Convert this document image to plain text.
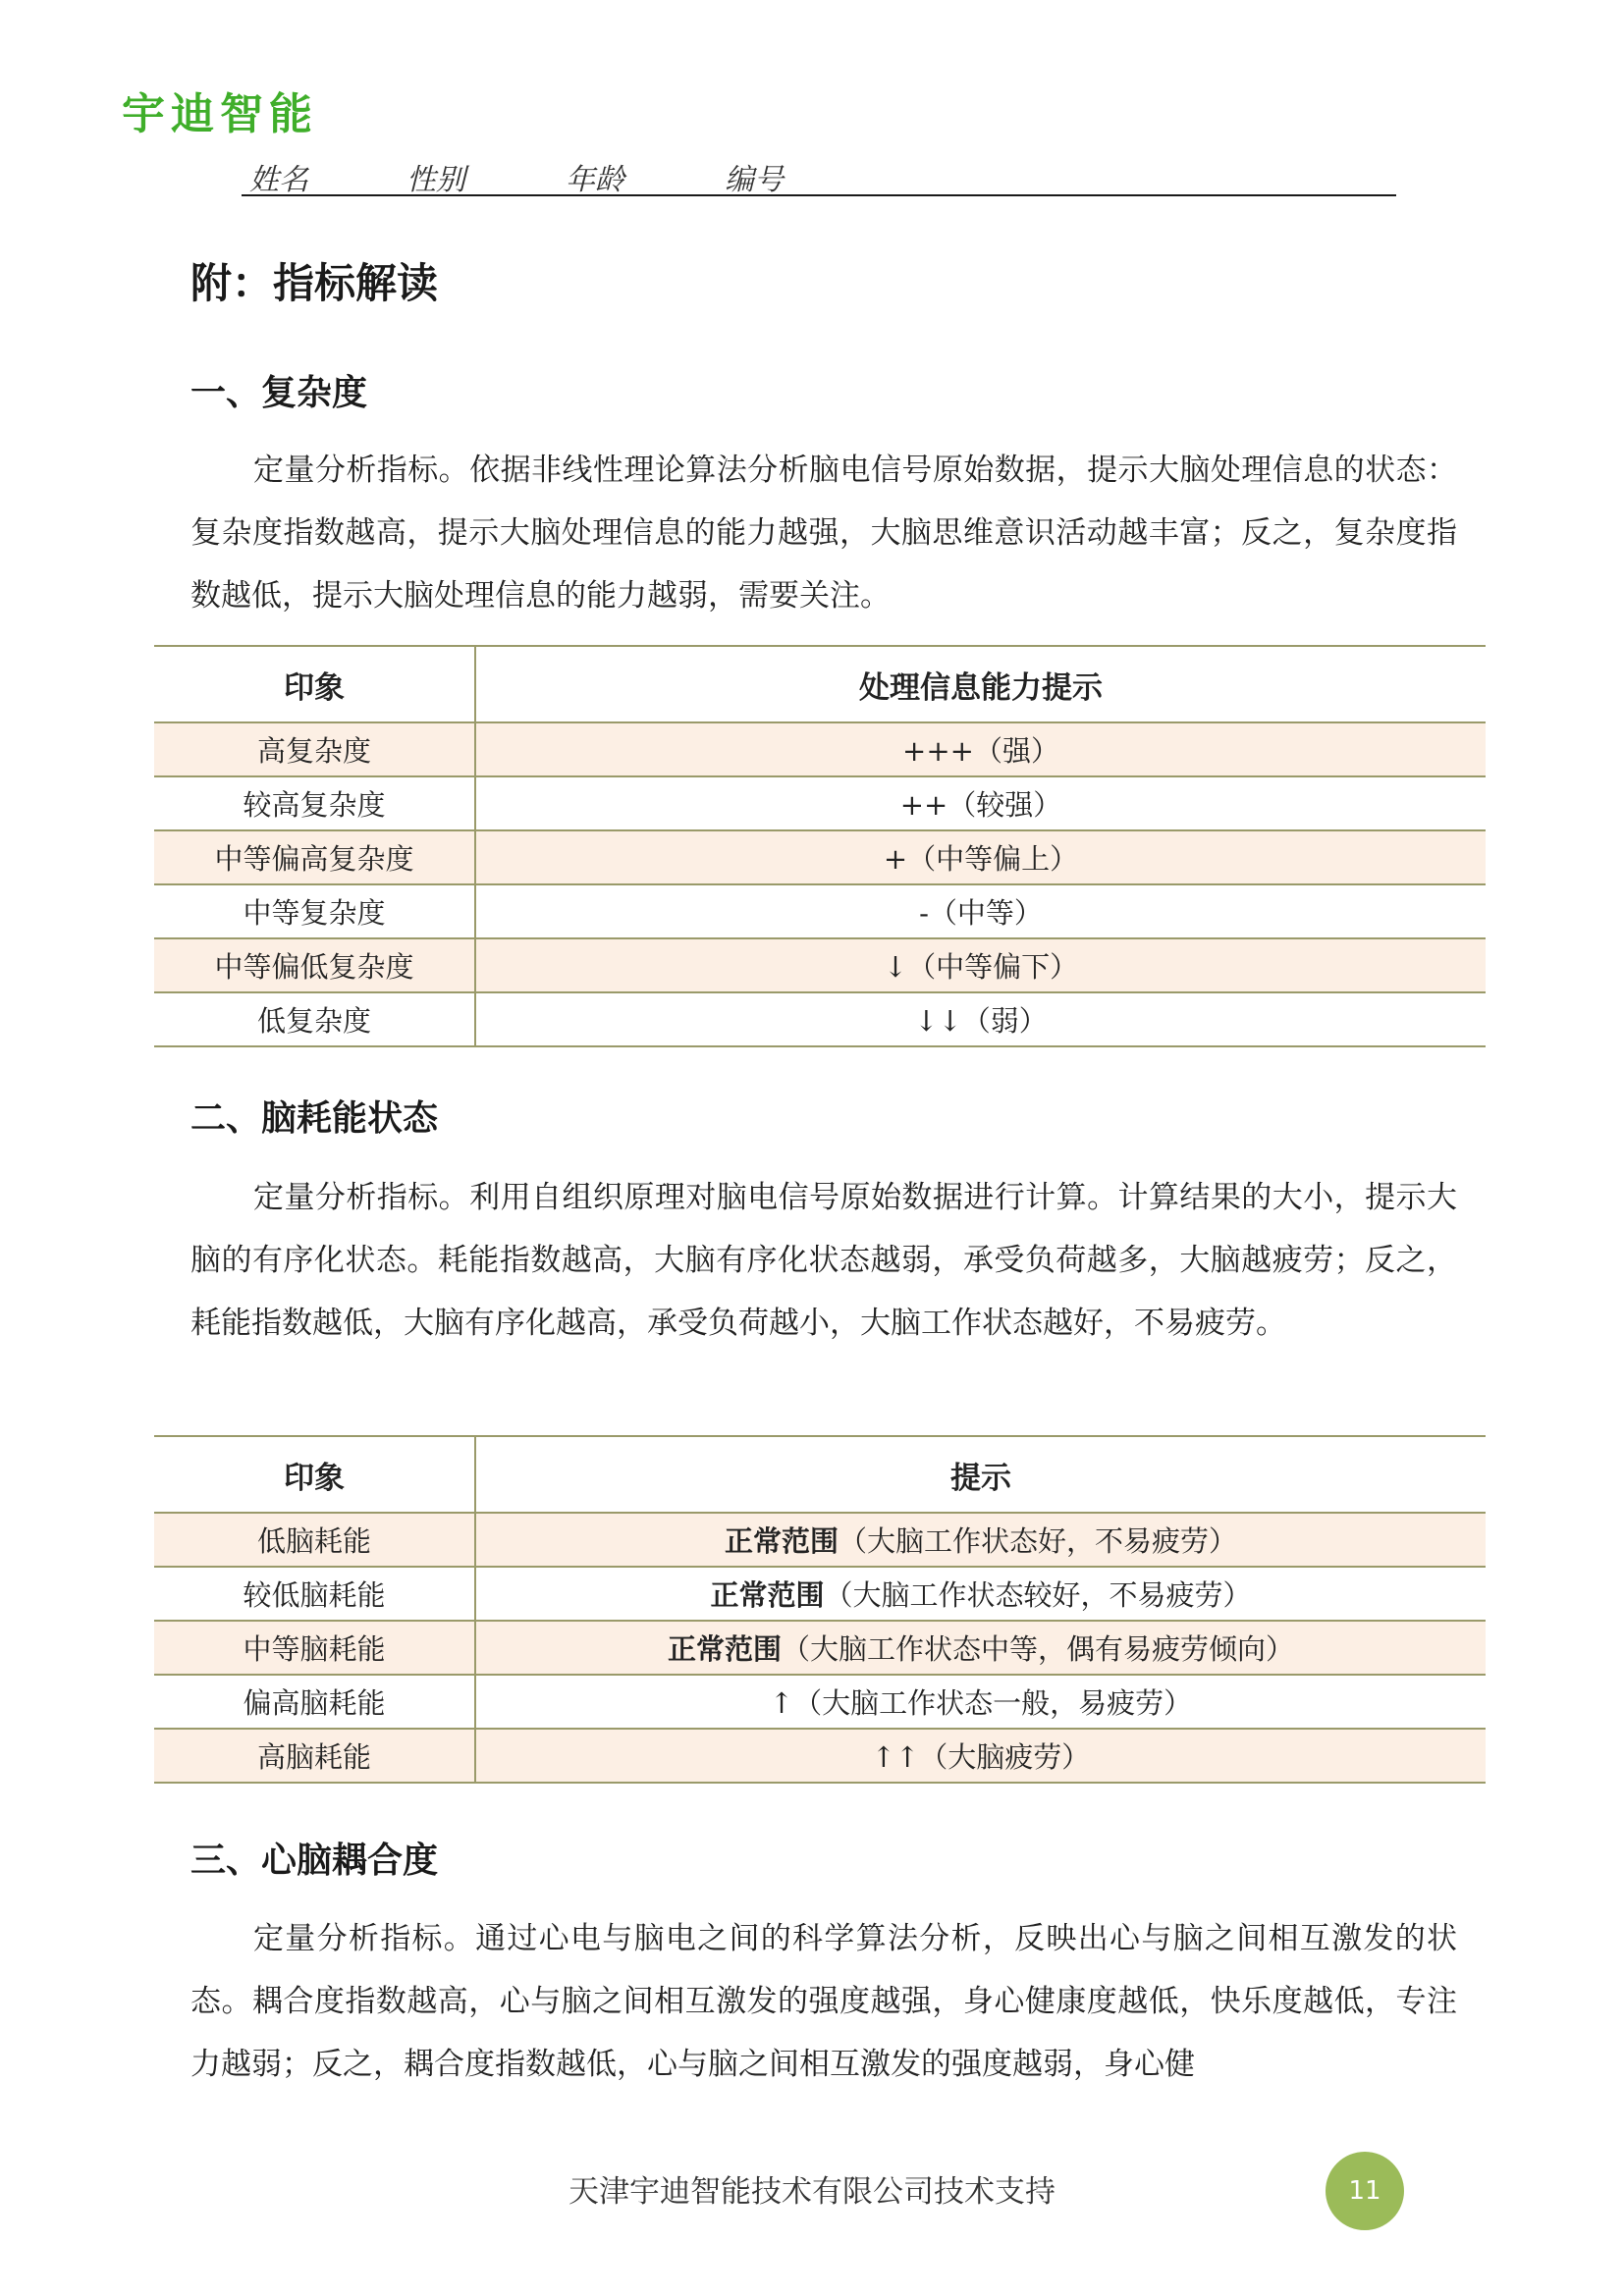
宇迪智能
姓名	性别	年龄	编号
附：指标解读
一、复杂度

定量分析指标。依据非线性理论算法分析脑电信号原始数据，提示大脑处理信息的状态：复杂度指数越高，提示大脑处理信息的能力越强，大脑思维意识活动越丰富；反之，复杂度指数越低，提示大脑处理信息的能力越弱，需要关注。

印象	处理信息能力提示
高复杂度	+++（强）
较高复杂度	++（较强）
中等偏高复杂度	+（中等偏上）
中等复杂度	-（中等）
中等偏低复杂度	↓（中等偏下）
低复杂度	↓↓（弱）
二、脑耗能状态

定量分析指标。利用自组织原理对脑电信号原始数据进行计算。计算结果的大小，提示大脑的有序化状态。耗能指数越高，大脑有序化状态越弱，承受负荷越多，大脑越疲劳；反之，耗能指数越低，大脑有序化越高，承受负荷越小，大脑工作状态越好，不易疲劳。

印象	提示
低脑耗能	正常范围（大脑工作状态好，不易疲劳）
较低脑耗能	正常范围（大脑工作状态较好，不易疲劳）
中等脑耗能	正常范围（大脑工作状态中等，偶有易疲劳倾向）
偏高脑耗能	↑（大脑工作状态一般，易疲劳）
高脑耗能	↑↑（大脑疲劳）
三、心脑耦合度

定量分析指标。通过心电与脑电之间的科学算法分析，反映出心与脑之间相互激发的状态。耦合度指数越高，心与脑之间相互激发的强度越强，身心健康度越低，快乐度越低，专注力越弱；反之，耦合度指数越低，心与脑之间相互激发的强度越弱，身心健

天津宇迪智能技术有限公司技术支持	11
